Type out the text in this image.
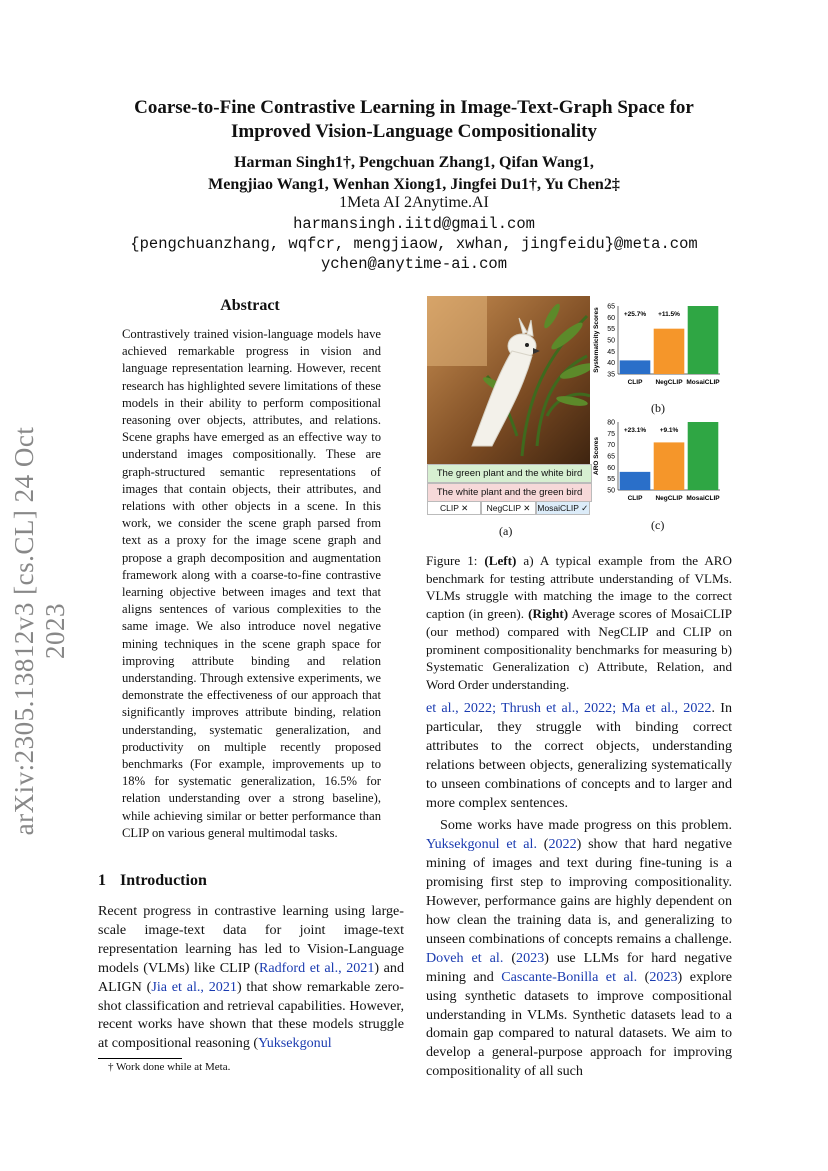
arXiv:2305.13812v3 [cs.CL] 24 Oct 2023
Coarse-to-Fine Contrastive Learning in Image-Text-Graph Space for
Improved Vision-Language Compositionality
Harman Singh1†, Pengchuan Zhang1, Qifan Wang1,
Mengjiao Wang1, Wenhan Xiong1, Jingfei Du1†, Yu Chen2‡
1Meta AI 2Anytime.AI
harmansingh.iitd@gmail.com
{pengchuanzhang, wqfcr, mengjiaow, xwhan, jingfeidu}@meta.com
ychen@anytime-ai.com
Abstract
Contrastively trained vision-language models have achieved remarkable progress in vision and language representation learning. However, recent research has highlighted severe limitations of these models in their ability to perform compositional reasoning over objects, attributes, and relations. Scene graphs have emerged as an effective way to understand images compositionally. These are graph-structured semantic representations of images that contain objects, their attributes, and relations with other objects in a scene. In this work, we consider the scene graph parsed from text as a proxy for the image scene graph and propose a graph decomposition and augmentation framework along with a coarse-to-fine contrastive learning objective between images and text that aligns sentences of various complexities to the same image. We also introduce novel negative mining techniques in the scene graph space for improving attribute binding and relation understanding. Through extensive experiments, we demonstrate the effectiveness of our approach that significantly improves attribute binding, relation understanding, systematic generalization, and productivity on multiple recently proposed benchmarks (For example, improvements up to 18% for systematic generalization, 16.5% for relation understanding over a strong baseline), while achieving similar or better performance than CLIP on various general multimodal tasks.
1 Introduction
Recent progress in contrastive learning using large-scale image-text data for joint image-text representation learning has led to Vision-Language models (VLMs) like CLIP (Radford et al., 2021) and ALIGN (Jia et al., 2021) that show remarkable zero-shot classification and retrieval capabilities. However, recent works have shown that these models struggle at compositional reasoning (Yuksekgonul
† Work done while at Meta.
The green plant and the white bird
The white plant and the green bird
CLIP ✕	NegCLIP ✕ MosaiCLIP ✓
(a)
Systematicity Scores
35
40
45
50
55
60
65
CLIP NegCLIP MosaiCLIP
+25.7% +11.5%
(b)
ARO Scores
50
55
60
65
70
75
80
CLIP NegCLIP MosaiCLIP
+23.1% +9.1%
(c)
Figure 1: (Left) a) A typical example from the ARO benchmark for testing attribute understanding of VLMs. VLMs struggle with matching the image to the correct caption (in green). (Right) Average scores of MosaiCLIP (our method) compared with NegCLIP and CLIP on prominent compositionality benchmarks for measuring b) Systematic Generalization c) Attribute, Relation, and Word Order understanding.

et al., 2022; Thrush et al., 2022; Ma et al., 2022. In particular, they struggle with binding correct attributes to the correct objects, understanding relations between objects, generalizing systematically to unseen combinations of concepts and to larger and more complex sentences.

Some works have made progress on this problem. Yuksekgonul et al. (2022) show that hard negative mining of images and text during fine-tuning is a promising first step to improving compositionality. However, performance gains are highly dependent on how clean the training data is, and generalizing to unseen combinations of concepts remains a challenge. Doveh et al. (2023) use LLMs for hard negative mining and Cascante-Bonilla et al. (2023) explore using synthetic datasets to improve compositional understanding in VLMs. Synthetic datasets lead to a domain gap compared to natural datasets. We aim to develop a general-purpose approach for improving compositionality of all such
